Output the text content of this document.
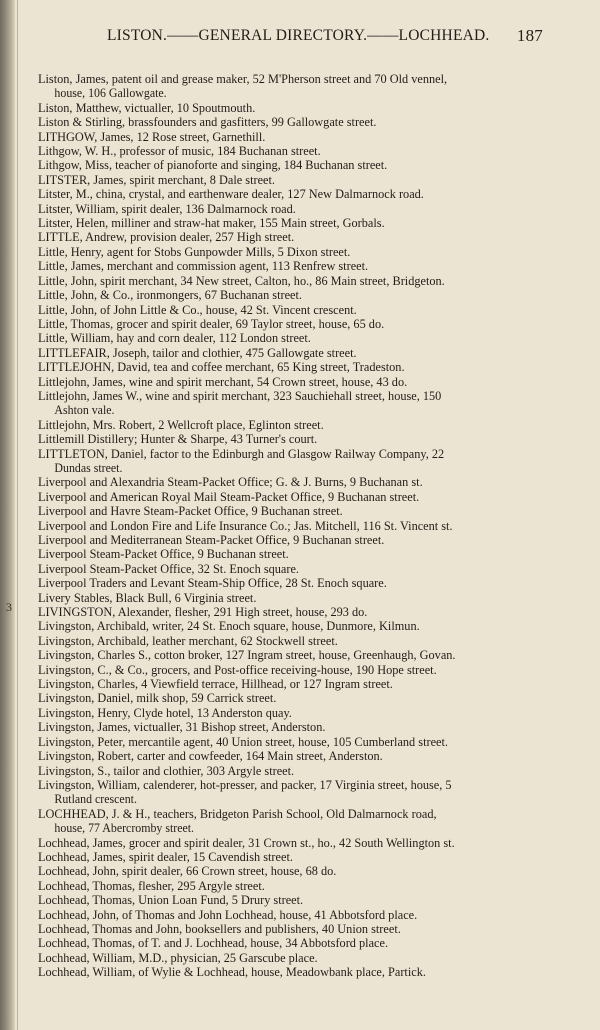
3
LISTON.——GENERAL DIRECTORY.——LOCHHEAD. 187
Liston, James, patent oil and grease maker, 52 M'Pherson street and 70 Old vennel,
house, 106 Gallowgate.
Liston, Matthew, victualler, 10 Spoutmouth.
Liston & Stirling, brassfounders and gasfitters, 99 Gallowgate street.
LITHGOW, James, 12 Rose street, Garnethill.
Lithgow, W. H., professor of music, 184 Buchanan street.
Lithgow, Miss, teacher of pianoforte and singing, 184 Buchanan street.
LITSTER, James, spirit merchant, 8 Dale street.
Litster, M., china, crystal, and earthenware dealer, 127 New Dalmarnock road.
Litster, William, spirit dealer, 136 Dalmarnock road.
Litster, Helen, milliner and straw-hat maker, 155 Main street, Gorbals.
LITTLE, Andrew, provision dealer, 257 High street.
Little, Henry, agent for Stobs Gunpowder Mills, 5 Dixon street.
Little, James, merchant and commission agent, 113 Renfrew street.
Little, John, spirit merchant, 34 New street, Calton, ho., 86 Main street, Bridgeton.
Little, John, & Co., ironmongers, 67 Buchanan street.
Little, John, of John Little & Co., house, 42 St. Vincent crescent.
Little, Thomas, grocer and spirit dealer, 69 Taylor street, house, 65 do.
Little, William, hay and corn dealer, 112 London street.
LITTLEFAIR, Joseph, tailor and clothier, 475 Gallowgate street.
LITTLEJOHN, David, tea and coffee merchant, 65 King street, Tradeston.
Littlejohn, James, wine and spirit merchant, 54 Crown street, house, 43 do.
Littlejohn, James W., wine and spirit merchant, 323 Sauchiehall street, house, 150
Ashton vale.
Littlejohn, Mrs. Robert, 2 Wellcroft place, Eglinton street.
Littlemill Distillery; Hunter & Sharpe, 43 Turner's court.
LITTLETON, Daniel, factor to the Edinburgh and Glasgow Railway Company, 22
Dundas street.
Liverpool and Alexandria Steam-Packet Office; G. & J. Burns, 9 Buchanan st.
Liverpool and American Royal Mail Steam-Packet Office, 9 Buchanan street.
Liverpool and Havre Steam-Packet Office, 9 Buchanan street.
Liverpool and London Fire and Life Insurance Co.; Jas. Mitchell, 116 St. Vincent st.
Liverpool and Mediterranean Steam-Packet Office, 9 Buchanan street.
Liverpool Steam-Packet Office, 9 Buchanan street.
Liverpool Steam-Packet Office, 32 St. Enoch square.
Liverpool Traders and Levant Steam-Ship Office, 28 St. Enoch square.
Livery Stables, Black Bull, 6 Virginia street.
LIVINGSTON, Alexander, flesher, 291 High street, house, 293 do.
Livingston, Archibald, writer, 24 St. Enoch square, house, Dunmore, Kilmun.
Livingston, Archibald, leather merchant, 62 Stockwell street.
Livingston, Charles S., cotton broker, 127 Ingram street, house, Greenhaugh, Govan.
Livingston, C., & Co., grocers, and Post-office receiving-house, 190 Hope street.
Livingston, Charles, 4 Viewfield terrace, Hillhead, or 127 Ingram street.
Livingston, Daniel, milk shop, 59 Carrick street.
Livingston, Henry, Clyde hotel, 13 Anderston quay.
Livingston, James, victualler, 31 Bishop street, Anderston.
Livingston, Peter, mercantile agent, 40 Union street, house, 105 Cumberland street.
Livingston, Robert, carter and cowfeeder, 164 Main street, Anderston.
Livingston, S., tailor and clothier, 303 Argyle street.
Livingston, William, calenderer, hot-presser, and packer, 17 Virginia street, house, 5
Rutland crescent.
LOCHHEAD, J. & H., teachers, Bridgeton Parish School, Old Dalmarnock road,
house, 77 Abercromby street.
Lochhead, James, grocer and spirit dealer, 31 Crown st., ho., 42 South Wellington st.
Lochhead, James, spirit dealer, 15 Cavendish street.
Lochhead, John, spirit dealer, 66 Crown street, house, 68 do.
Lochhead, Thomas, flesher, 295 Argyle street.
Lochhead, Thomas, Union Loan Fund, 5 Drury street.
Lochhead, John, of Thomas and John Lochhead, house, 41 Abbotsford place.
Lochhead, Thomas and John, booksellers and publishers, 40 Union street.
Lochhead, Thomas, of T. and J. Lochhead, house, 34 Abbotsford place.
Lochhead, William, M.D., physician, 25 Garscube place.
Lochhead, William, of Wylie & Lochhead, house, Meadowbank place, Partick.
